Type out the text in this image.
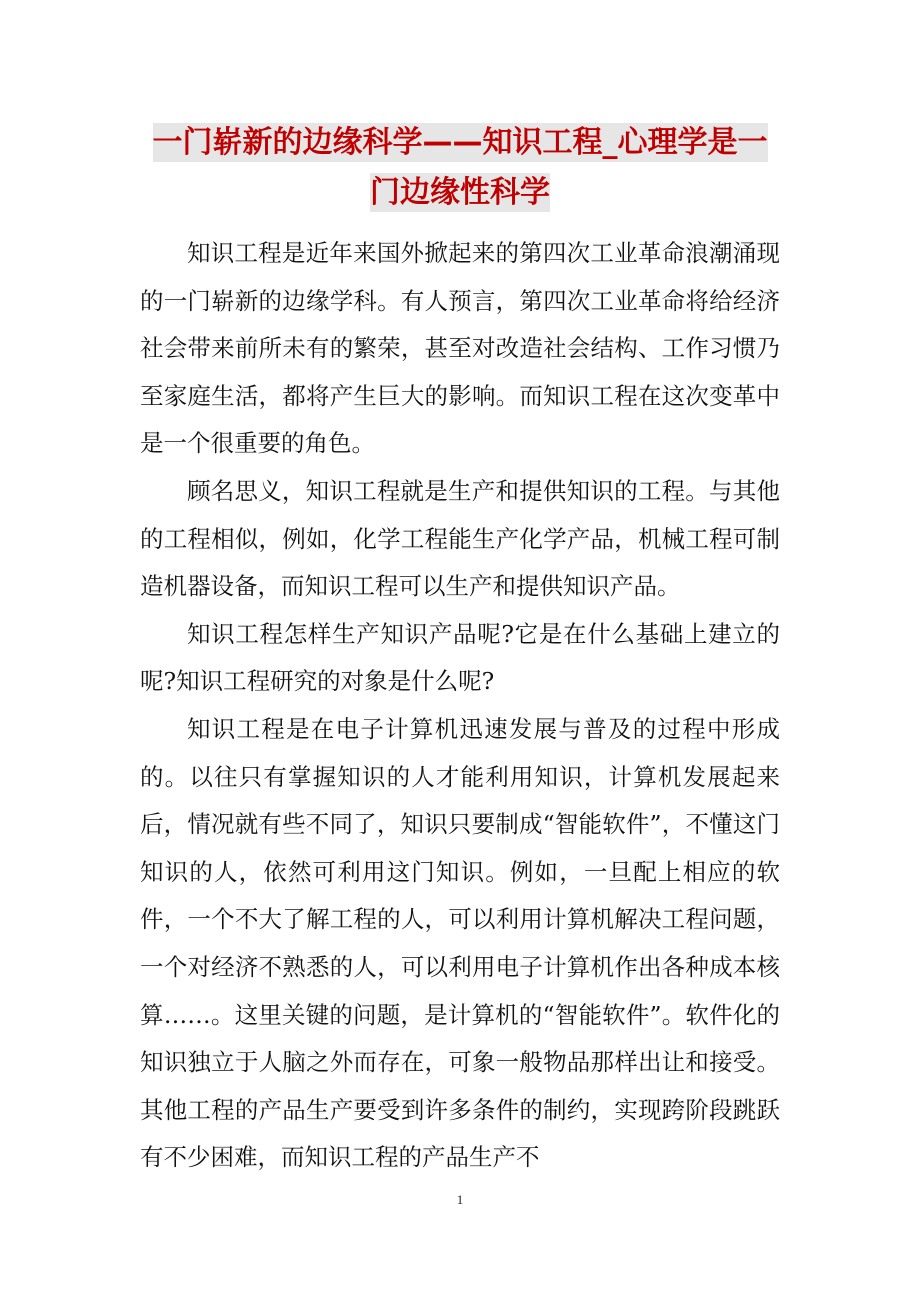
一门崭新的边缘科学——知识工程_心理学是一门边缘性科学

知识工程是近年来国外掀起来的第四次工业革命浪潮涌现的一门崭新的边缘学科。有人预言，第四次工业革命将给经济社会带来前所未有的繁荣，甚至对改造社会结构、工作习惯乃至家庭生活，都将产生巨大的影响。而知识工程在这次变革中是一个很重要的角色。

顾名思义，知识工程就是生产和提供知识的工程。与其他的工程相似，例如，化学工程能生产化学产品，机械工程可制造机器设备，而知识工程可以生产和提供知识产品。

知识工程怎样生产知识产品呢?它是在什么基础上建立的呢?知识工程研究的对象是什么呢?

知识工程是在电子计算机迅速发展与普及的过程中形成的。以往只有掌握知识的人才能利用知识，计算机发展起来后，情况就有些不同了，知识只要制成“智能软件”，不懂这门知识的人，依然可利用这门知识。例如，一旦配上相应的软件，一个不大了解工程的人，可以利用计算机解决工程问题，一个对经济不熟悉的人，可以利用电子计算机作出各种成本核算……。这里关键的问题，是计算机的“智能软件”。软件化的知识独立于人脑之外而存在，可象一般物品那样出让和接受。其他工程的产品生产要受到许多条件的制约，实现跨阶段跳跃有不少困难，而知识工程的产品生产不

1
